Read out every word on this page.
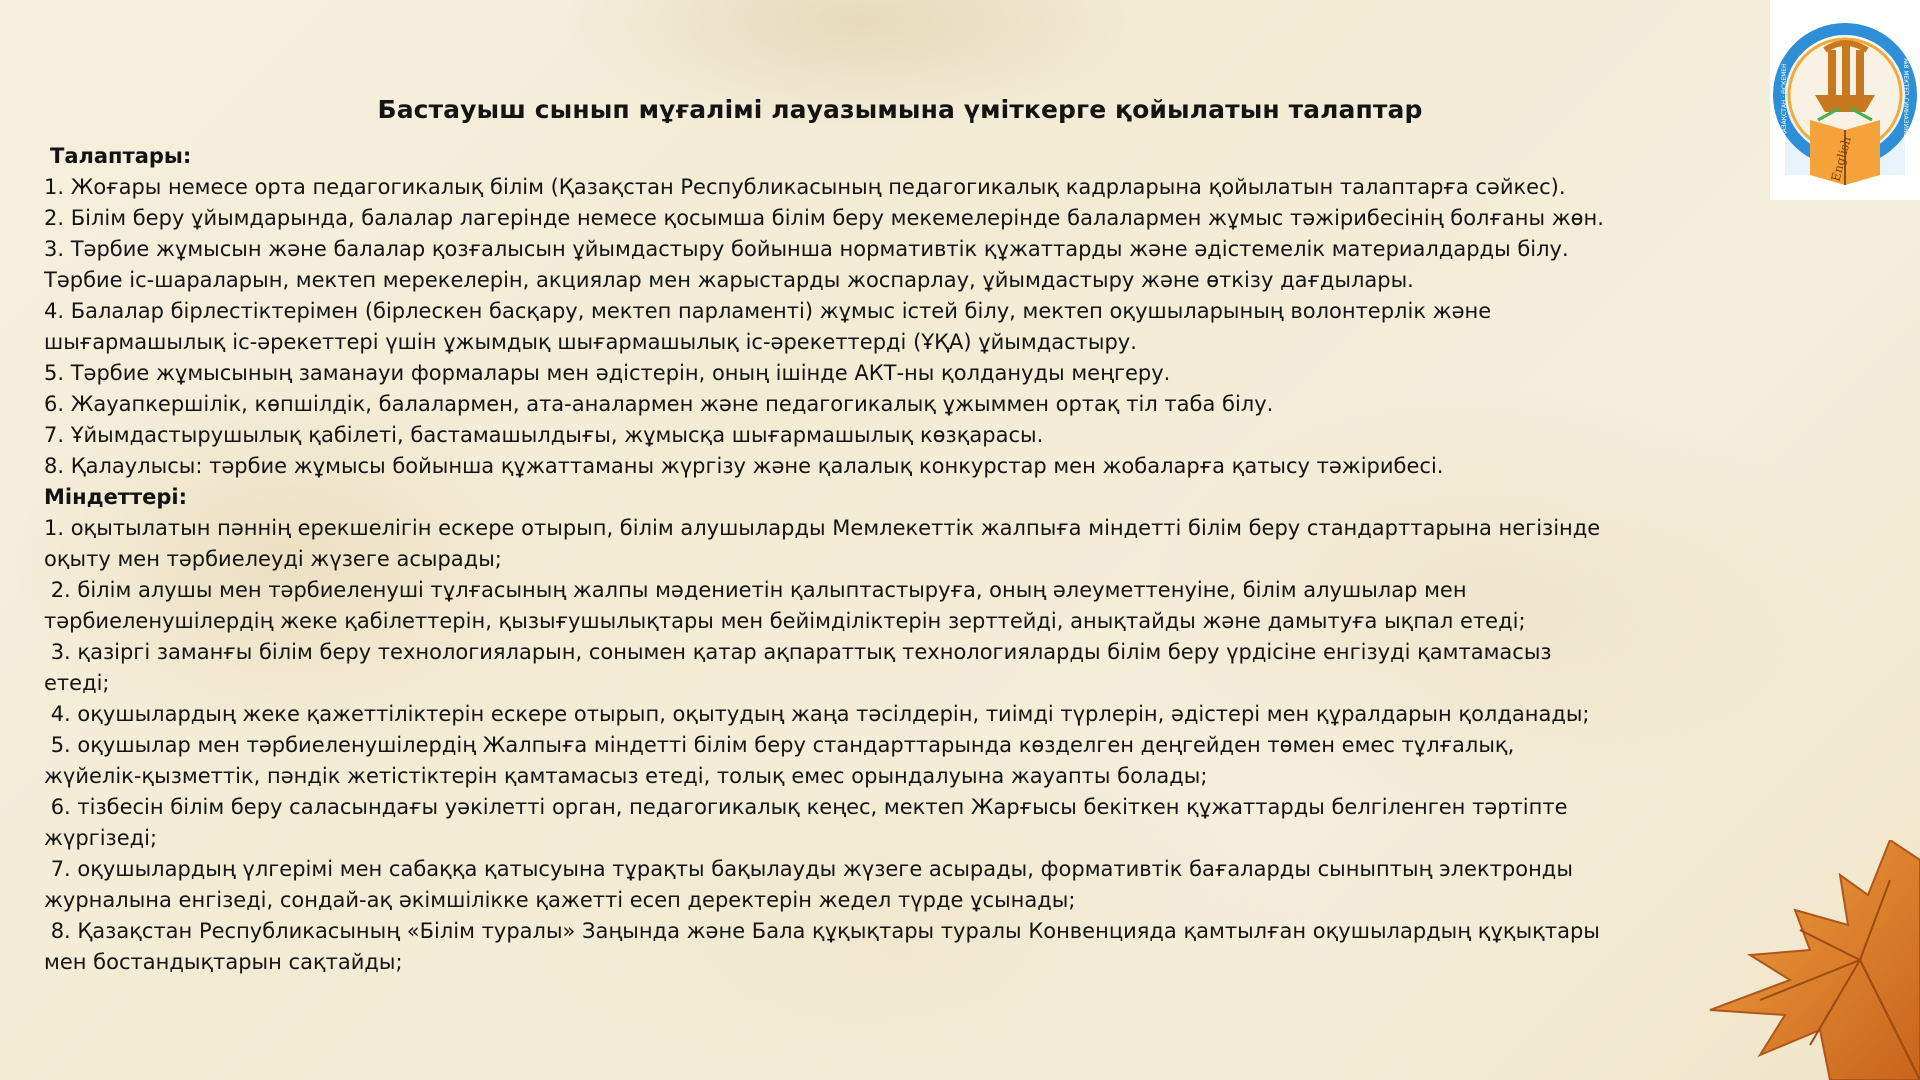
Бастауыш сынып мұғалімі лауазымына үміткерге қойылатын талаптар

Талаптары:

1. Жоғары немесе орта педагогикалық білім (Қазақстан Республикасының педагогикалық кадрларына қойылатын талаптарға сәйкес).

2. Білім беру ұйымдарында, балалар лагерінде немесе қосымша білім беру мекемелерінде балалармен жұмыс тәжірибесінің болғаны жөн.

3. Тәрбие жұмысын және балалар қозғалысын ұйымдастыру бойынша нормативтік құжаттарды және әдістемелік материалдарды білу. Тәрбие іс-шараларын, мектеп мерекелерін, акциялар мен жарыстарды жоспарлау, ұйымдастыру және өткізу дағдылары.

4. Балалар бірлестіктерімен (бірлескен басқару, мектеп парламенті) жұмыс істей білу, мектеп оқушыларының волонтерлік және шығармашылық іс-әрекеттері үшін ұжымдық шығармашылық іс-әрекеттерді (ҰҚА) ұйымдастыру.

5. Тәрбие жұмысының заманауи формалары мен әдістерін, оның ішінде АКТ-ны қолдануды меңгеру.

6. Жауапкершілік, көпшілдік, балалармен, ата-аналармен және педагогикалық ұжыммен ортақ тіл таба білу.

7. Ұйымдастырушылық қабілеті, бастамашылдығы, жұмысқа шығармашылық көзқарасы.

8. Қалаулысы: тәрбие жұмысы бойынша құжаттаманы жүргізу және қалалық конкурстар мен жобаларға қатысу тәжірибесі.

Міндеттері:

1. оқытылатын пәннің ерекшелігін ескере отырып, білім алушыларды Мемлекеттік жалпыға міндетті білім беру стандарттарына негізінде оқыту мен тәрбиелеуді жүзеге асырады;

2. білім алушы мен тәрбиеленуші тұлғасының жалпы мәдениетін қалыптастыруға, оның әлеуметтенуіне, білім алушылар мен тәрбиеленушілердің жеке қабілеттерін, қызығушылықтары мен бейімділіктерін зерттейді, анықтайды және дамытуға ықпал етеді;

3. қазіргі заманғы білім беру технологияларын, сонымен қатар ақпараттық технологияларды білім беру үрдісіне енгізуді қамтамасыз етеді;

4. оқушылардың жеке қажеттіліктерін ескере отырып, оқытудың жаңа тәсілдерін, тиімді түрлерін, әдістері мен құралдарын қолданады;

5. оқушылар мен тәрбиеленушілердің Жалпыға міндетті білім беру стандарттарында көзделген деңгейден төмен емес тұлғалық, жүйелік-қызметтік, пәндік жетістіктерін қамтамасыз етеді, толық емес орындалуына жауапты болады;

6. тізбесін білім беру саласындағы уәкілетті орган, педагогикалық кеңес, мектеп Жарғысы бекіткен құжаттарды белгіленген тәртіпте жүргізеді;

7. оқушылардың үлгерімі мен сабаққа қатысуына тұрақты бақылауды жүзеге асырады, формативтік бағаларды сыныптың электронды журналына енгізеді, сондай-ақ әкімшілікке қажетті есеп деректерін жедел түрде ұсынады;

8. Қазақстан Республикасының «Білім туралы» Заңында және Бала құқықтары туралы Конвенцияда қамтылған оқушылардың құқықтары мен бостандықтарын сақтайды;

English
ENGLISH GYMNASIA
ҚАЗАҚСТАН · ӨСКЕМЕН	№8 МЕКТЕП-ГИМНАЗИЯСЫ
